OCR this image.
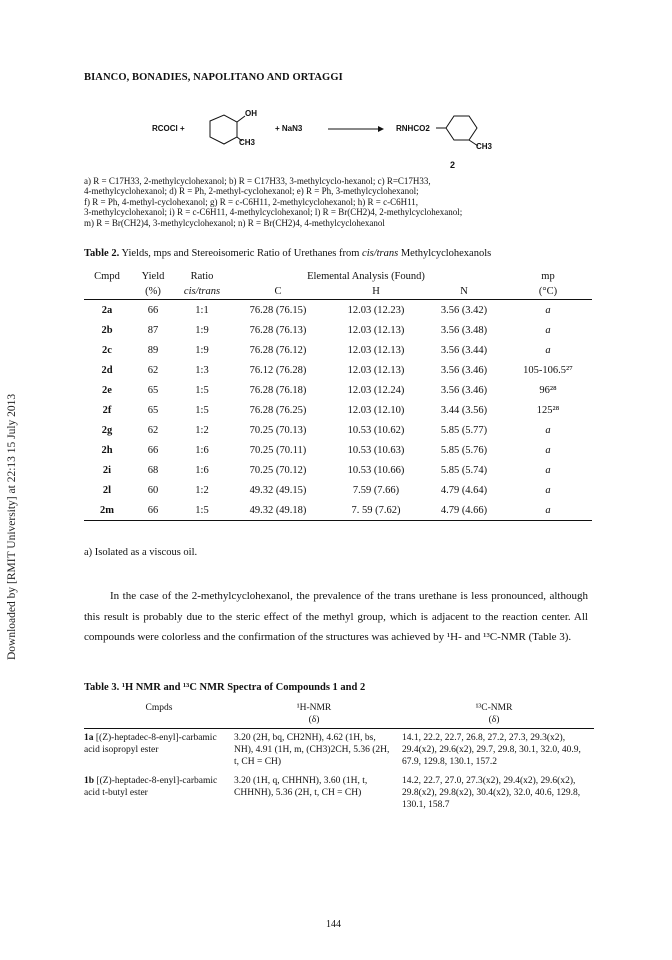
BIANCO, BONADIES, NAPOLITANO AND ORTAGGI
Downloaded by [RMIT University] at 22:13 15 July 2013
RCOCl +
OH
CH3
+ NaN3 → RNHCO2
CH3
2
a) R = C17H33, 2-methylcyclohexanol; b) R = C17H33, 3-methylcyclo-hexanol; c) R=C17H33,
4-methylcyclohexanol; d) R = Ph, 2-methyl-cyclohexanol; e) R = Ph, 3-methylcyclohexanol;
f) R = Ph, 4-methyl-cyclohexanol; g) R = c-C6H11, 2-methylcyclohexanol; h) R = c-C6H11,
3-methylcyclohexanol; i) R = c-C6H11, 4-methylcyclohexanol; l) R = Br(CH2)4, 2-methylcyclohexanol;
m) R = Br(CH2)4, 3-methylcyclohexanol; n) R = Br(CH2)4, 4-methylcyclohexanol
Table 2. Yields, mps and Stereoisomeric Ratio of Urethanes from cis/trans Methylcyclohexanols
Cmpd	Yield	Ratio	Elemental Analysis (Found)			mp
	(%)	cis/trans	C	H	N	(°C)
2a	66	1:1	76.28 (76.15)	12.03 (12.23)	3.56 (3.42)	a
2b	87	1:9	76.28 (76.13)	12.03 (12.13)	3.56 (3.48)	a
2c	89	1:9	76.28 (76.12)	12.03 (12.13)	3.56 (3.44)	a
2d	62	1:3	76.12 (76.28)	12.03 (12.13)	3.56 (3.46)	105-106.5²⁷
2e	65	1:5	76.28 (76.18)	12.03 (12.24)	3.56 (3.46)	96²⁸
2f	65	1:5	76.28 (76.25)	12.03 (12.10)	3.44 (3.56)	125²⁸
2g	62	1:2	70.25 (70.13)	10.53 (10.62)	5.85 (5.77)	a
2h	66	1:6	70.25 (70.11)	10.53 (10.63)	5.85 (5.76)	a
2i	68	1:6	70.25 (70.12)	10.53 (10.66)	5.85 (5.74)	a
2l	60	1:2	49.32 (49.15)	7.59 (7.66)	4.79 (4.64)	a
2m	66	1:5	49.32 (49.18)	7. 59 (7.62)	4.79 (4.66)	a
a) Isolated as a viscous oil.

In the case of the 2-methylcyclohexanol, the prevalence of the trans urethane is less pronounced, although this result is probably due to the steric effect of the methyl group, which is adjacent to the reaction center. All compounds were colorless and the confirmation of the structures was achieved by ¹H- and ¹³C-NMR (Table 3).

Table 3. ¹H NMR and ¹³C NMR Spectra of Compounds 1 and 2
Cmpds	¹H-NMR	¹³C-NMR
	(δ)	(δ)
1a [(Z)-heptadec-8-enyl]-carbamic acid isopropyl ester	3.20 (2H, bq, CH2NH), 4.62 (1H, bs, NH), 4.91 (1H, m, (CH3)2CH, 5.36 (2H, t, CH = CH)	14.1, 22.2, 22.7, 26.8, 27.2, 27.3, 29.3(x2), 29.4(x2), 29.6(x2), 29.7, 29.8, 30.1, 32.0, 40.9, 67.9, 129.8, 130.1, 157.2
1b [(Z)-heptadec-8-enyl]-carbamic acid t-butyl ester	3.20 (1H, q, CHHNH), 3.60 (1H, t, CHHNH), 5.36 (2H, t, CH = CH)	14.2, 22.7, 27.0, 27.3(x2), 29.4(x2), 29.6(x2), 29.8(x2), 29.8(x2), 30.4(x2), 32.0, 40.6, 129.8, 130.1, 158.7
144
